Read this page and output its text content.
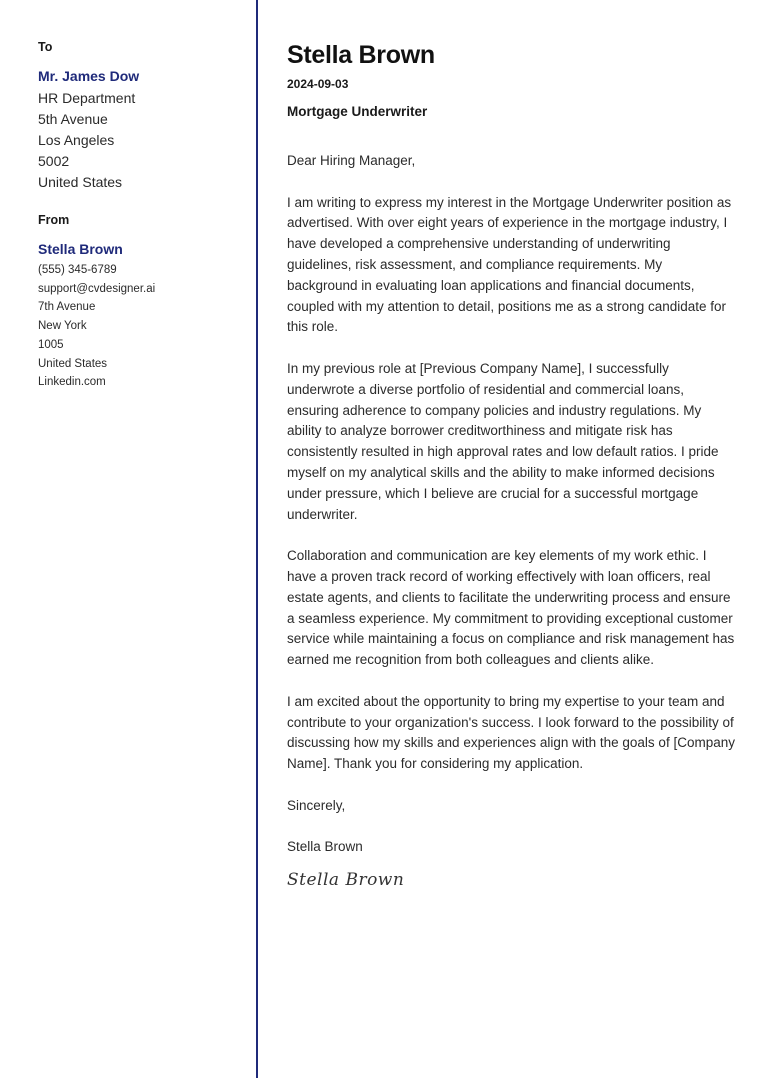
To
Mr. James Dow
HR Department
5th Avenue
Los Angeles
5002
United States
From
Stella Brown
(555) 345-6789
support@cvdesigner.ai
7th Avenue
New York
1005
United States
Linkedin.com
Stella Brown
2024-09-03
Mortgage Underwriter

Dear Hiring Manager,

I am writing to express my interest in the Mortgage Underwriter position as advertised. With over eight years of experience in the mortgage industry, I have developed a comprehensive understanding of underwriting guidelines, risk assessment, and compliance requirements. My background in evaluating loan applications and financial documents, coupled with my attention to detail, positions me as a strong candidate for this role.

In my previous role at [Previous Company Name], I successfully underwrote a diverse portfolio of residential and commercial loans, ensuring adherence to company policies and industry regulations. My ability to analyze borrower creditworthiness and mitigate risk has consistently resulted in high approval rates and low default ratios. I pride myself on my analytical skills and the ability to make informed decisions under pressure, which I believe are crucial for a successful mortgage underwriter.

Collaboration and communication are key elements of my work ethic. I have a proven track record of working effectively with loan officers, real estate agents, and clients to facilitate the underwriting process and ensure a seamless experience. My commitment to providing exceptional customer service while maintaining a focus on compliance and risk management has earned me recognition from both colleagues and clients alike.

I am excited about the opportunity to bring my expertise to your team and contribute to your organization's success. I look forward to the possibility of discussing how my skills and experiences align with the goals of [Company Name]. Thank you for considering my application.

Sincerely,

Stella Brown

Stella Brown
